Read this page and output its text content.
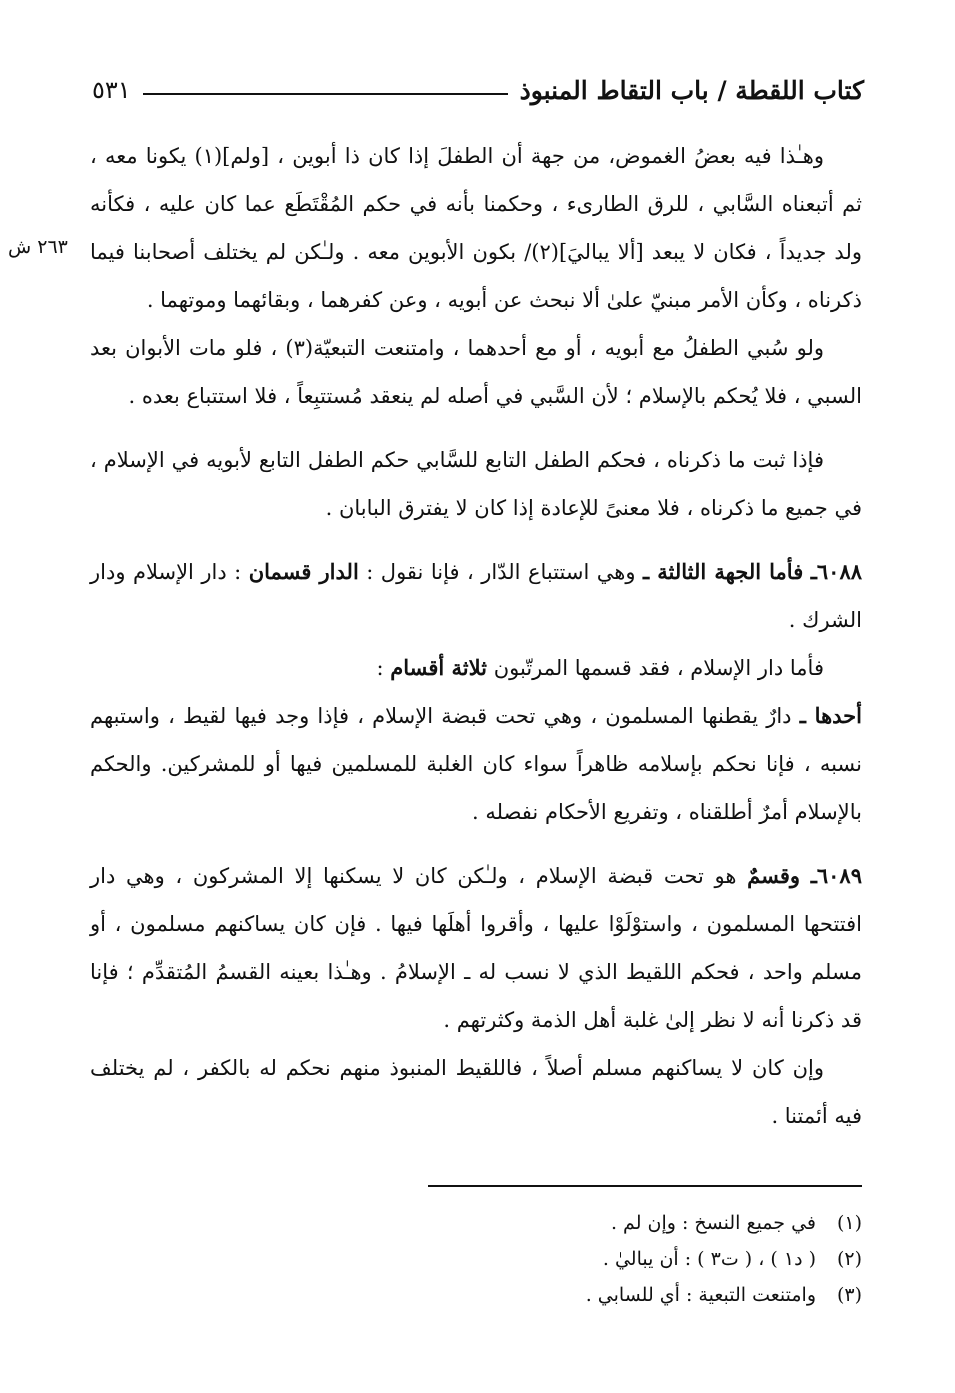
كتاب اللقطة / باب التقاط المنبوذ
٥٣١
٢٦٣ ش

وهـٰذا فيه بعضُ الغموض، من جهة أن الطفلَ إذا كان ذا أبوين ، [ولم](١) يكونا معه ، ثم أتبعناه السَّابي ، للرق الطارىء ، وحكمنا بأنه في حكم المُقْتَطَع عما كان عليه ، فكأنه ولد جديداً ، فكان لا يبعد [ألا يباليَ](٢)/ بكون الأبوين معه . ولـٰكن لم يختلف أصحابنا فيما ذكرناه ، وكأن الأمر مبنيّ علىٰ ألا نبحث عن أبويه ، وعن كفرهما ، وبقائهما وموتهما .

ولو سُبي الطفلُ مع أبويه ، أو مع أحدهما ، وامتنعت التبعيّة(٣) ، فلو مات الأبوان بعد السبي ، فلا يُحكم بالإسلام ؛ لأن السَّبي في أصله لم ينعقد مُستتبِعاً ، فلا استتباع بعده .

فإذا ثبت ما ذكرناه ، فحكم الطفل التابع للسَّابي حكم الطفل التابع لأبويه في الإسلام ، في جميع ما ذكرناه ، فلا معنىً للإعادة إذا كان لا يفترق البابان .

٦٠٨٨ـ فأما الجهة الثالثة ـ وهي استتباع الدّار ، فإنا نقول : الدار قسمان : دار الإسلام ودار الشرك .

فأما دار الإسلام ، فقد قسمها المرتّبون ثلاثة أقسام :

أحدها ـ دارٌ يقطنها المسلمون ، وهي تحت قبضة الإسلام ، فإذا وجد فيها لقيط ، واستبهم نسبه ، فإنا نحكم بإسلامه ظاهراً سواء كان الغلبة للمسلمين فيها أو للمشركين. والحكم بالإسلام أمرٌ أطلقناه ، وتفريع الأحكام نفصله .

٦٠٨٩ـ وقسمٌ هو تحت قبضة الإسلام ، ولـٰكن كان لا يسكنها إلا المشركون ، وهي دار افتتحها المسلمون ، واستوْلَوْا عليها ، وأقروا أهلَها فيها . فإن كان يساكنهم مسلمون ، أو مسلم واحد ، فحكم اللقيط الذي لا نسب له ـ الإسلامُ . وهـٰذا بعينه القسمُ المُتقدِّم ؛ فإنا قد ذكرنا أنه لا نظر إلىٰ غلبة أهل الذمة وكثرتهم .

وإن كان لا يساكنهم مسلم أصلاً ، فاللقيط المنبوذ منهم نحكم له بالكفر ، لم يختلف فيه أئمتنا .

(١)
في جميع النسخ : وإن لم .
(٢)
( د١ ) ، ( ت٣ ) : أن يباليٰ .
(٣)
وامتنعت التبعية : أي للسابي .
